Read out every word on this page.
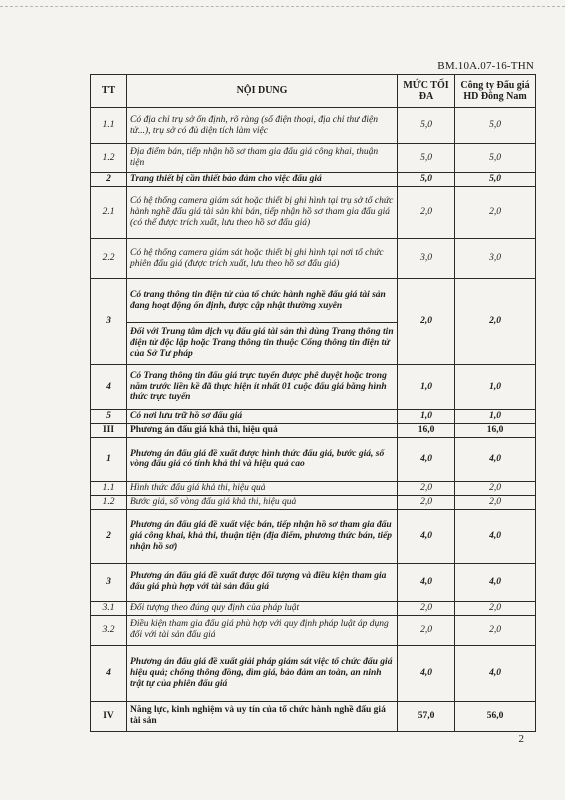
BM.10A.07-16-THN
TT	NỘI DUNG	MỨC TỐI ĐA	Công ty Đấu giá HD Đông Nam
1.1	Có địa chỉ trụ sở ổn định, rõ ràng (số điện thoại, địa chỉ thư điện tử...), trụ sở có đủ diện tích làm việc	5,0	5,0
1.2	Địa điểm bán, tiếp nhận hồ sơ tham gia đấu giá công khai, thuận tiện	5,0	5,0
2	Trang thiết bị cần thiết bảo đảm cho việc đấu giá	5,0	5,0
2.1	Có hệ thống camera giám sát hoặc thiết bị ghi hình tại trụ sở tổ chức hành nghề đấu giá tài sản khi bán, tiếp nhận hồ sơ tham gia đấu giá (có thể được trích xuất, lưu theo hồ sơ đấu giá)	2,0	2,0
2.2	Có hệ thống camera giám sát hoặc thiết bị ghi hình tại nơi tổ chức phiên đấu giá (được trích xuất, lưu theo hồ sơ đấu giá)	3,0	3,0
3	Có trang thông tin điện tử của tổ chức hành nghề đấu giá tài sản đang hoạt động ổn định, được cập nhật thường xuyên	2,0	2,0
	Đối với Trung tâm dịch vụ đấu giá tài sản thì dùng Trang thông tin điện tử độc lập hoặc Trang thông tin thuộc Cổng thông tin điện tử của Sở Tư pháp		
4	Có Trang thông tin đấu giá trực tuyến được phê duyệt hoặc trong năm trước liền kề đã thực hiện ít nhất 01 cuộc đấu giá bằng hình thức trực tuyến	1,0	1,0
5	Có nơi lưu trữ hồ sơ đấu giá	1,0	1,0
III	Phương án đấu giá khả thi, hiệu quả	16,0	16,0
1	Phương án đấu giá đề xuất được hình thức đấu giá, bước giá, số vòng đấu giá có tính khả thi và hiệu quả cao	4,0	4,0
1.1	Hình thức đấu giá khả thi, hiệu quả	2,0	2,0
1.2	Bước giá, số vòng đấu giá khả thi, hiệu quả	2,0	2,0
2	Phương án đấu giá đề xuất việc bán, tiếp nhận hồ sơ tham gia đấu giá công khai, khả thi, thuận tiện (địa điểm, phương thức bán, tiếp nhận hồ sơ)	4,0	4,0
3	Phương án đấu giá đề xuất được đối tượng và điều kiện tham gia đấu giá phù hợp với tài sản đấu giá	4,0	4,0
3.1	Đối tượng theo đúng quy định của pháp luật	2,0	2,0
3.2	Điều kiện tham gia đấu giá phù hợp với quy định pháp luật áp dụng đối với tài sản đấu giá	2,0	2,0
4	Phương án đấu giá đề xuất giải pháp giám sát việc tổ chức đấu giá hiệu quả; chống thông đồng, dìm giá, bảo đảm an toàn, an ninh trật tự của phiên đấu giá	4,0	4,0
IV	Năng lực, kinh nghiệm và uy tín của tổ chức hành nghề đấu giá tài sản	57,0	56,0
2
